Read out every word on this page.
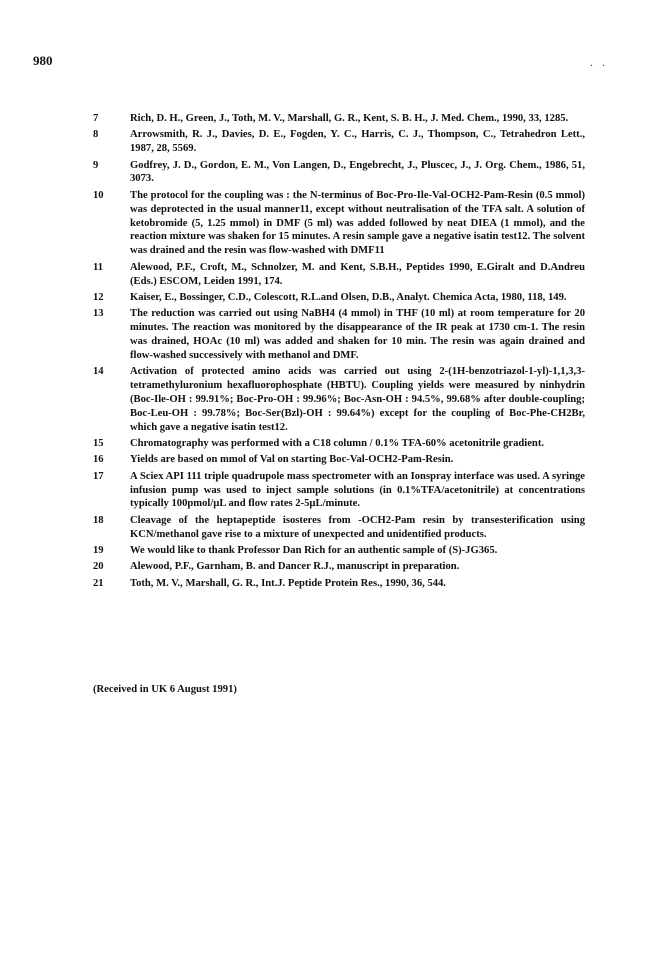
980	. .
7	Rich, D. H., Green, J., Toth, M. V., Marshall, G. R., Kent, S. B. H., J. Med. Chem., 1990, 33, 1285.
8	Arrowsmith, R. J., Davies, D. E., Fogden, Y. C., Harris, C. J., Thompson, C., Tetrahedron Lett., 1987, 28, 5569.
9	Godfrey, J. D., Gordon, E. M., Von Langen, D., Engebrecht, J., Pluscec, J., J. Org. Chem., 1986, 51, 3073.
10 The protocol for the coupling was : the N-terminus of Boc-Pro-Ile-Val-OCH2-Pam-Resin (0.5 mmol) was deprotected in the usual manner11, except without neutralisation of the TFA salt. A solution of ketobromide (5, 1.25 mmol) in DMF (5 ml) was added followed by neat DIEA (1 mmol), and the reaction mixture was shaken for 15 minutes. A resin sample gave a negative isatin test12. The solvent was drained and the resin was flow-washed with DMF11
11	Alewood, P.F., Croft, M., Schnolzer, M. and Kent, S.B.H., Peptides 1990, E.Giralt and D.Andreu (Eds.) ESCOM, Leiden 1991, 174.
12 Kaiser, E., Bossinger, C.D., Colescott, R.L.and Olsen, D.B., Analyt. Chemica Acta, 1980, 118, 149.
13 The reduction was carried out using NaBH4 (4 mmol) in THF (10 ml) at room temperature for 20 minutes. The reaction was monitored by the disappearance of the IR peak at 1730 cm-1. The resin was drained, HOAc (10 ml) was added and shaken for 10 min. The resin was again drained and flow-washed successively with methanol and DMF.
14 Activation of protected amino acids was carried out using 2-(1H-benzotriazol-1-yl)-1,1,3,3-tetramethyluronium hexafluorophosphate (HBTU). Coupling yields were measured by ninhydrin (Boc-Ile-OH : 99.91%; Boc-Pro-OH : 99.96%; Boc-Asn-OH : 94.5%, 99.68% after double-coupling; Boc-Leu-OH : 99.78%; Boc-Ser(Bzl)-OH : 99.64%) except for the coupling of Boc-Phe-CH2Br, which gave a negative isatin test12.
15 Chromatography was performed with a C18 column / 0.1% TFA-60% acetonitrile gradient.
16 Yields are based on mmol of Val on starting Boc-Val-OCH2-Pam-Resin.
17 A Sciex API 111 triple quadrupole mass spectrometer with an Ionspray interface was used. A syringe infusion pump was used to inject sample solutions (in 0.1%TFA/acetonitrile) at concentrations typically 100pmol/µL and flow rates 2-5µL/minute.
18 Cleavage of the heptapeptide isosteres from -OCH2-Pam resin by transesterification using KCN/methanol gave rise to a mixture of unexpected and unidentified products.
19 We would like to thank Professor Dan Rich for an authentic sample of (S)-JG365.
20 Alewood, P.F., Garnham, B. and Dancer R.J., manuscript in preparation.
21 Toth, M. V., Marshall, G. R., Int.J. Peptide Protein Res., 1990, 36, 544.
(Received in UK 6 August 1991)
